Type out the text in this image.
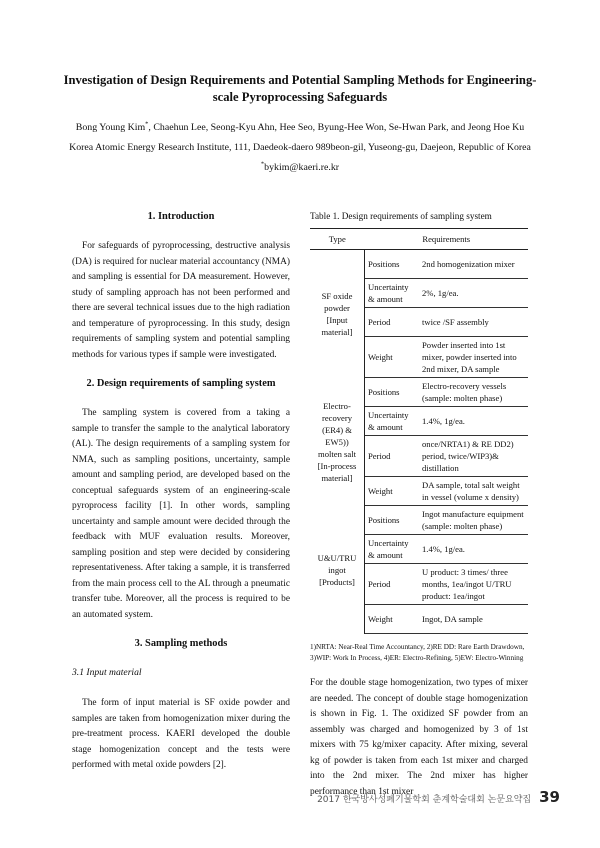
Investigation of Design Requirements and Potential Sampling Methods for Engineering-scale Pyroprocessing Safeguards
Bong Young Kim*, Chaehun Lee, Seong-Kyu Ahn, Hee Seo, Byung-Hee Won, Se-Hwan Park, and Jeong Hoe Ku
Korea Atomic Energy Research Institute, 111, Daedeok-daero 989beon-gil, Yuseong-gu, Daejeon, Republic of Korea
*bykim@kaeri.re.kr
1. Introduction

For safeguards of pyroprocessing, destructive analysis (DA) is required for nuclear material accountancy (NMA) and sampling is essential for DA measurement. However, study of sampling approach has not been performed and there are several technical issues due to the high radiation and temperature of pyroprocessing. In this study, design requirements of sampling system and potential sampling methods for various types if sample were investigated.

2. Design requirements of sampling system

The sampling system is covered from a taking a sample to transfer the sample to the analytical laboratory (AL). The design requirements of a sampling system for NMA, such as sampling positions, uncertainty, sample amount and sampling period, are developed based on the conceptual safeguards system of an engineering-scale pyroprocess facility [1]. In other words, sampling uncertainty and sample amount were decided through the feedback with MUF evaluation results. Moreover, sampling position and step were decided by considering representativeness. After taking a sample, it is transferred from the main process cell to the AL through a pneumatic transfer tube. Moreover, all the process is required to be an automated system.

3. Sampling methods
3.1 Input material

The form of input material is SF oxide powder and samples are taken from homogenization mixer during the pre-treatment process. KAERI developed the double stage homogenization concept and the tests were performed with metal oxide powders [2].

Table 1. Design requirements of sampling system
Type	Requirements	
SF oxide powder [Input material]	Positions	2nd homogenization mixer
	Uncertainty & amount	2%, 1g/ea.
	Period	twice /SF assembly
	Weight	Powder inserted into 1st mixer, powder inserted into 2nd mixer, DA sample
Electro-recovery (ER4) & EW5)) molten salt [In-process material]	Positions	Electro-recovery vessels (sample: molten phase)
	Uncertainty & amount	1.4%, 1g/ea.
	Period	once/NRTA1) & RE DD2) period, twice/WIP3)& distillation
	Weight	DA sample, total salt weight in vessel (volume x density)
U&U/TRU ingot [Products]	Positions	Ingot manufacture equipment (sample: molten phase)
	Uncertainty & amount	1.4%, 1g/ea.
	Period	U product: 3 times/ three months, 1ea/ingot U/TRU product: 1ea/ingot
	Weight	Ingot, DA sample
1)NRTA: Near-Real Time Accountancy, 2)RE DD: Rare Earth Drawdown, 3)WIP: Work In Process, 4)ER: Electro-Refining, 5)EW: Electro-Winning

For the double stage homogenization, two types of mixer are needed. The concept of double stage homogenization is shown in Fig. 1. The oxidized SF powder from an assembly was charged and homogenized by 3 of 1st mixers with 75 kg/mixer capacity. After mixing, several kg of powder is taken from each 1st mixer and charged into the 2nd mixer. The 2nd mixer has higher performance than 1st mixer

2017 한국방사성폐기물학회 춘계학술대회 논문요약집 39
